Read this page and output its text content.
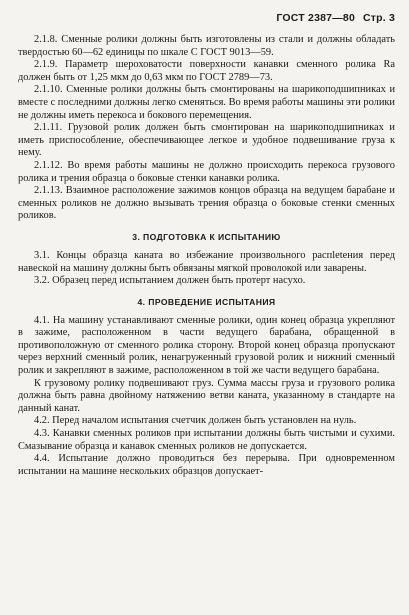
ГОСТ 2387—80 Стр. 3

2.1.8. Сменные ролики должны быть изготовлены из стали и должны обладать твердостью 60—62 единицы по шкале С ГОСТ 9013—59.

2.1.9. Параметр шероховатости поверхности канавки сменного ролика Ra должен быть от 1,25 мкм до 0,63 мкм по ГОСТ 2789—73.

2.1.10. Сменные ролики должны быть смонтированы на шарикоподшипниках и вместе с последними должны легко сменяться. Во время работы машины эти ролики не должны иметь перекоса и бокового перемещения.

2.1.11. Грузовой ролик должен быть смонтирован на шарикоподшипниках и иметь приспособление, обеспечивающее легкое и удобное подвешивание груза к нему.

2.1.12. Во время работы машины не должно происходить перекоса грузового ролика и трения образца о боковые стенки канавки ролика.

2.1.13. Взаимное расположение зажимов концов образца на ведущем барабане и сменных роликов не должно вызывать трения образца о боковые стенки сменных роликов.

3. ПОДГОТОВКА К ИСПЫТАНИЮ

3.1. Концы образца каната во избежание произвольного распletения перед навеской на машину должны быть обвязаны мягкой проволокой или заварены.

3.2. Образец перед испытанием должен быть протерт насухо.

4. ПРОВЕДЕНИЕ ИСПЫТАНИЯ

4.1. На машину устанавливают сменные ролики, один конец образца укрепляют в зажиме, расположенном в части ведущего барабана, обращенной в противоположную от сменного ролика сторону. Второй конец образца пропускают через верхний сменный ролик, ненагруженный грузовой ролик и нижний сменный ролик и закрепляют в зажиме, расположенном в той же части ведущего барабана.

К грузовому ролику подвешивают груз. Сумма массы груза и грузового ролика должна быть равна двойному натяжению ветви каната, указанному в стандарте на данный канат.

4.2. Перед началом испытания счетчик должен быть установлен на нуль.

4.3. Канавки сменных роликов при испытании должны быть чистыми и сухими. Смазывание образца и канавок сменных роликов не допускается.

4.4. Испытание должно проводиться без перерыва. При одновременном испытании на машине нескольких образцов допускает-
